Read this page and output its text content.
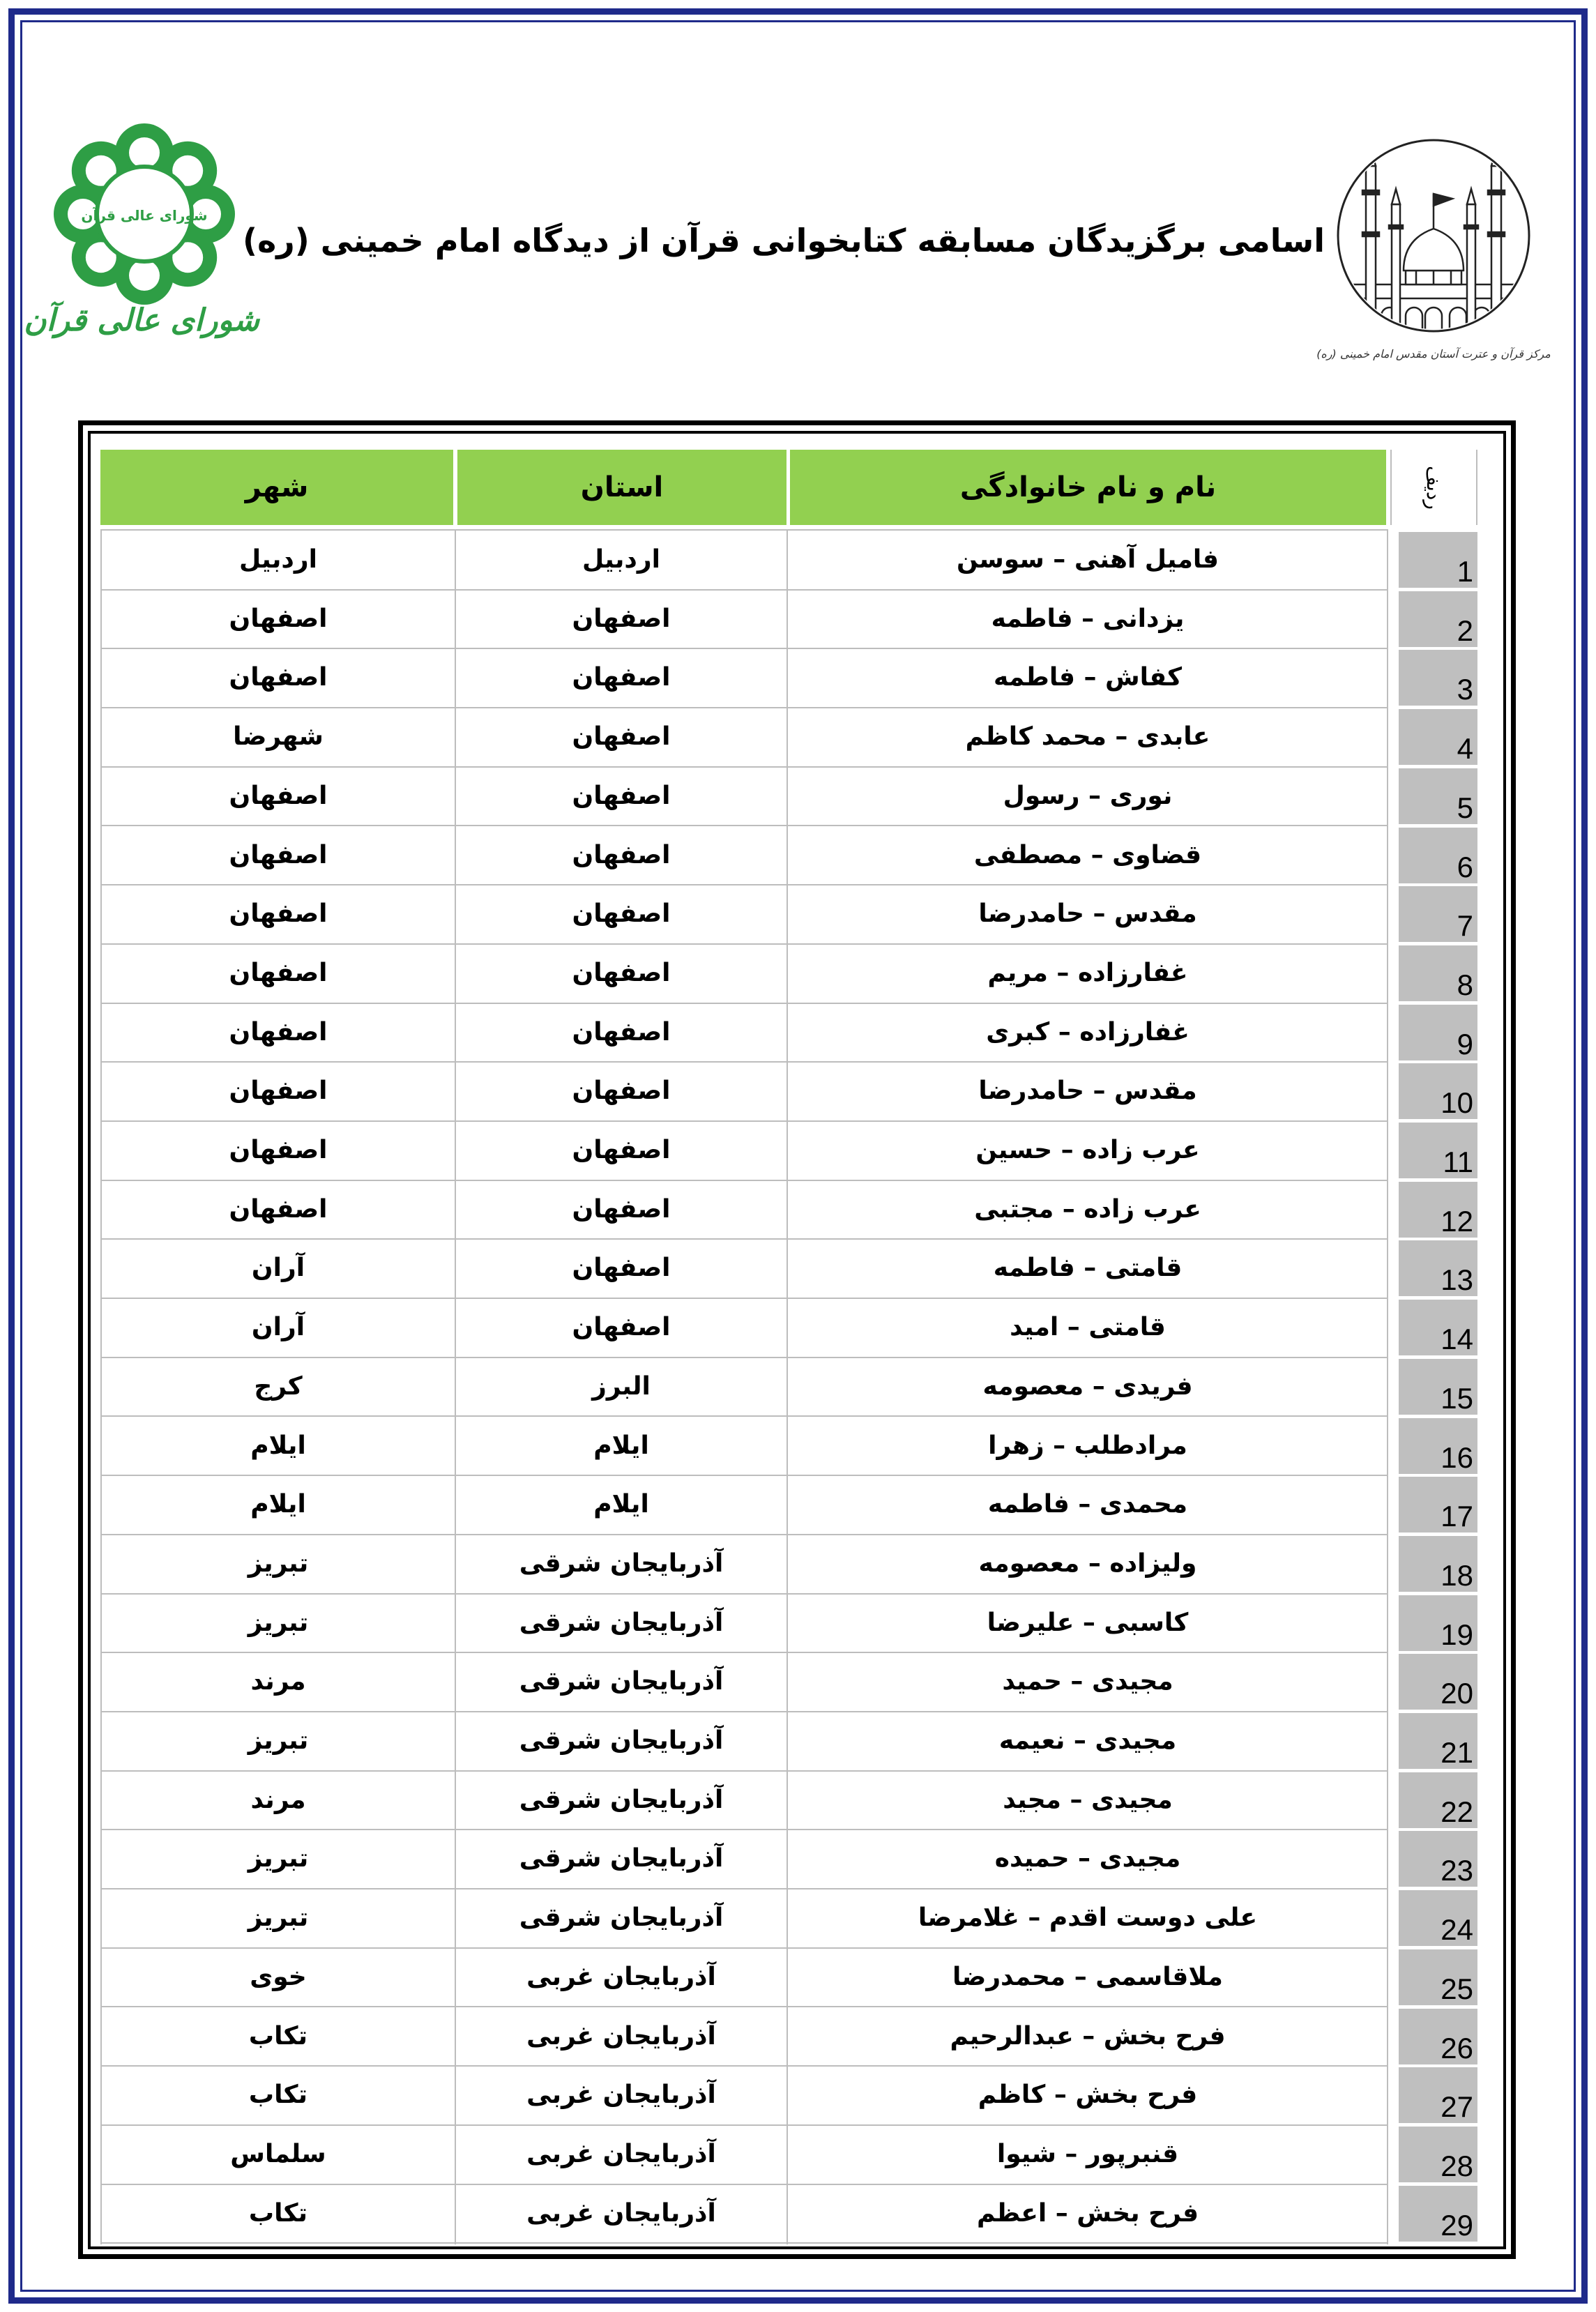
مرکز قرآن و عترت آستان مقدس امام خمینی (ره)
شورای عالی قرآن
شورای عالی قرآن
اسامی برگزیدگان مسابقه کتابخوانی قرآن از دیدگاه امام خمینی (ره)
شهر	استان	نام و نام خانوادگی	ردیف
اردبیل	اردبیل	فامیل آهنی – سوسن	1
اصفهان	اصفهان	یزدانی – فاطمه	2
اصفهان	اصفهان	کفاش – فاطمه	3
شهرضا	اصفهان	عابدی – محمد کاظم	4
اصفهان	اصفهان	نوری – رسول	5
اصفهان	اصفهان	قضاوی – مصطفی	6
اصفهان	اصفهان	مقدس – حامدرضا	7
اصفهان	اصفهان	غفارزاده – مریم	8
اصفهان	اصفهان	غفارزاده – کبری	9
اصفهان	اصفهان	مقدس – حامدرضا	10
اصفهان	اصفهان	عرب زاده – حسین	11
اصفهان	اصفهان	عرب زاده – مجتبی	12
آران	اصفهان	قامتی – فاطمه	13
آران	اصفهان	قامتی – امید	14
کرج	البرز	فریدی – معصومه	15
ایلام	ایلام	مرادطلب – زهرا	16
ایلام	ایلام	محمدی – فاطمه	17
تبریز	آذربایجان شرقی	ولیزاده – معصومه	18
تبریز	آذربایجان شرقی	کاسبی – علیرضا	19
مرند	آذربایجان شرقی	مجیدی – حمید	20
تبریز	آذربایجان شرقی	مجیدی – نعیمه	21
مرند	آذربایجان شرقی	مجیدی – مجید	22
تبریز	آذربایجان شرقی	مجیدی – حمیده	23
تبریز	آذربایجان شرقی	علی دوست اقدم – غلامرضا	24
خوی	آذربایجان غربی	ملاقاسمی – محمدرضا	25
تکاب	آذربایجان غربی	فرح بخش – عبدالرحیم	26
تکاب	آذربایجان غربی	فرح بخش – کاظم	27
سلماس	آذربایجان غربی	قنبرپور – شیوا	28
تکاب	آذربایجان غربی	فرح بخش – اعظم	29
